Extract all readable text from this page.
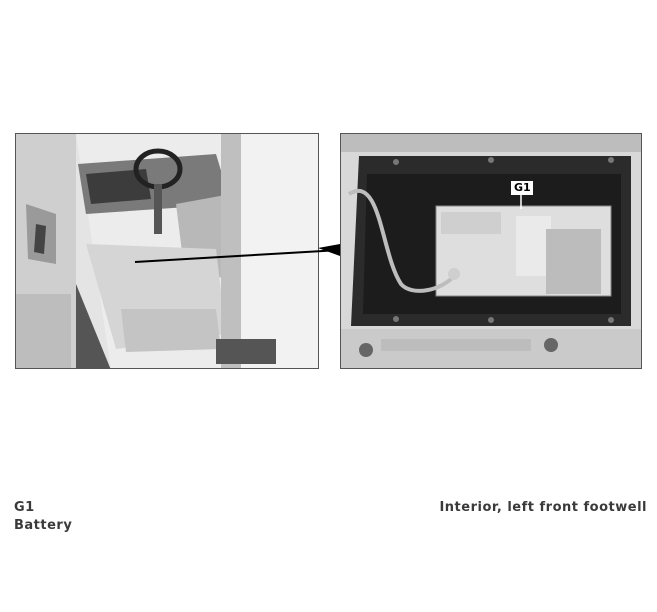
G1
G1
Battery
Interior, left front footwell
